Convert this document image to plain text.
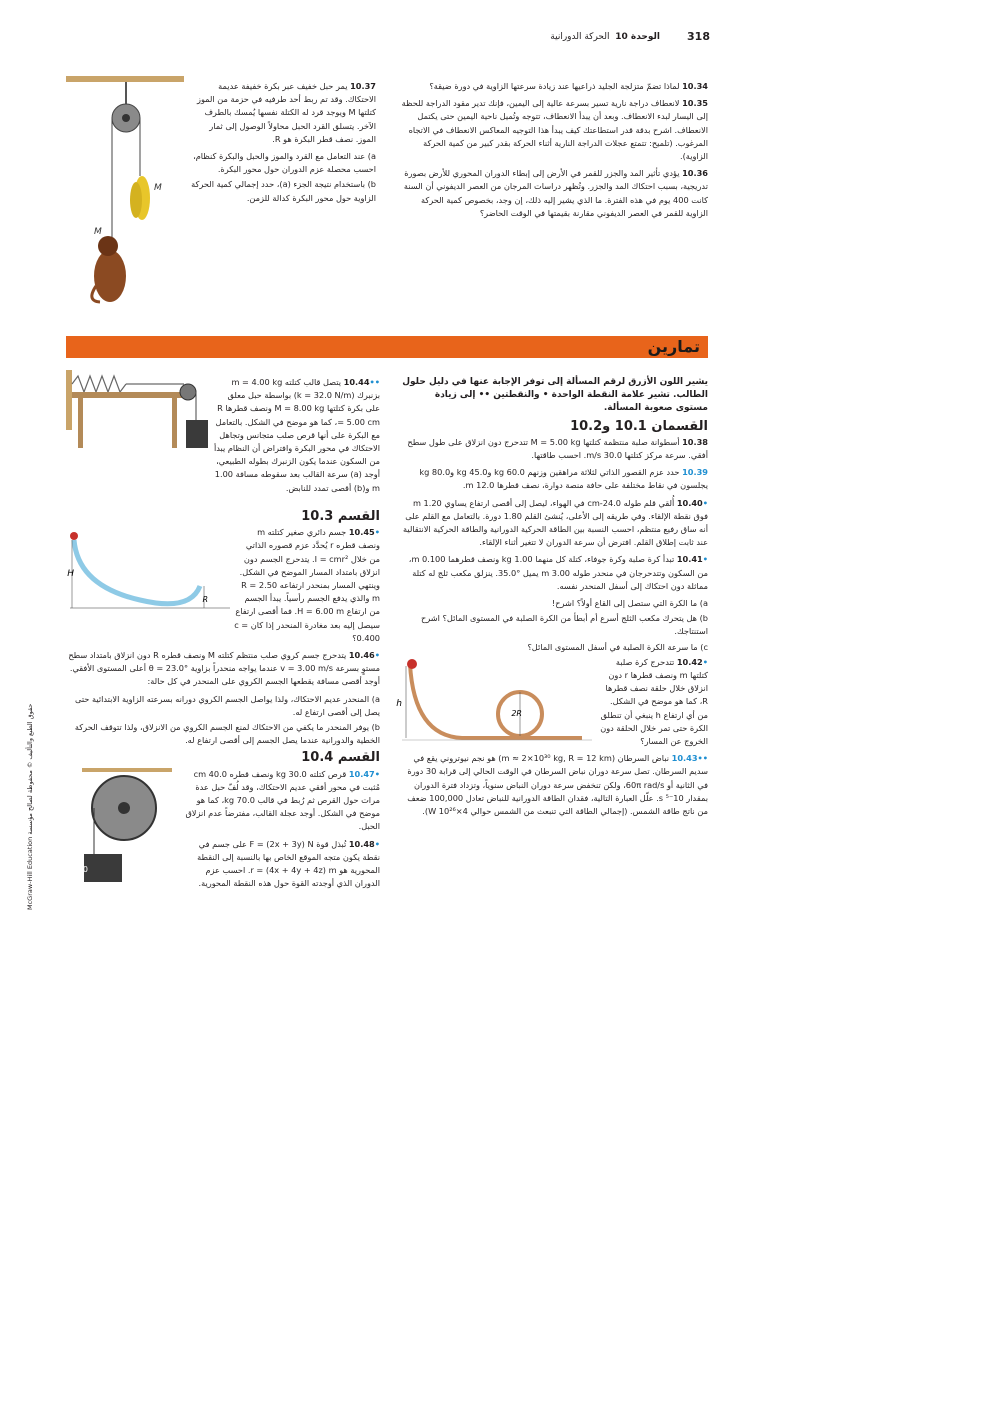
318
الوحدة 10  الحركة الدورانية

10.34 لماذا تضمّ متزلجة الجليد ذراعيها عند زيادة سرعتها الزاوية في دورة ضيقة؟

10.35 لانعطاف دراجة نارية تسير بسرعة عالية إلى اليمين، فإنك تدير مقود الدراجة للحظة إلى اليسار لبدء الانعطاف. وبعد أن يبدأ الانعطاف، تتوجه وتُميل ناحية اليمين حتى يكتمل الانعطاف. اشرح بدقة قدر استطاعتك كيف يبدأ هذا التوجيه المعاكس الانعطاف في الاتجاه المرغوب. (تلميح: تتمتع عجلات الدراجة النارية أثناء الحركة بقدر كبير من كمية الحركة الزاوية).

10.36 يؤدي تأثير المد والجزر للقمر في الأرض إلى إبطاء الدوران المحوري للأرض بصورة تدريجية، بسبب احتكاك المد والجزر. وتُظهر دراسات المرجان من العصر الديفوني أن السنة كانت 400 يوم في هذه الفترة. ما الذي يشير إليه ذلك، إن وجد، بخصوص كمية الحركة الزاوية للقمر في العصر الديفوني مقارنة بقيمتها في الوقت الحاضر؟

10.37 يمر حبل خفيف عبر بكرة خفيفة عديمة الاحتكاك. وقد تم ربط أحد طرفيه في حزمة من الموز كتلتها M ويوجد قرد له الكتلة نفسها يُمسك بالطرف الآخر. يتسلق القرد الحبل محاولاً الوصول إلى ثمار الموز. نصف قطر البكرة هو R.

a) عند التعامل مع القرد والموز والحبل والبكرة كنظام، احسب محصلة عزم الدوران حول محور البكرة.

b) باستخدام نتيجة الجزء (a)، حدد إجمالي كمية الحركة الزاوية حول محور البكرة كدالة للزمن.

M
M
تمارين

يشير اللون الأزرق لرقم المسألة إلى توفر الإجابة عنها في دليل حلول الطالب. تشير علامة النقطة الواحدة • والنقطتين •• إلى زيادة مستوى صعوبة المسألة.

القسمان 10.1 و10.2

10.38 أسطوانة صلبة منتظمة كتلتها M = 5.00 kg تتدحرج دون انزلاق على طول سطح أفقي. سرعة مركز كتلتها 30.0 m/s. احسب طاقتها.

10.39 حدد عزم القصور الذاتي لثلاثة مراهقين وزنهم 60.0 kg و45.0 kg و80.0 kg يجلسون في نقاط مختلفة على حافة منصة دوارة، نصف قطرها 12.0 m.

•10.40 أُلقي قلم طوله 24.0-cm في الهواء، ليصل إلى أقصى ارتفاع يساوي 1.20 m فوق نقطة الإلقاء. وفي طريقه إلى الأعلى، يُنشئ القلم 1.80 دورة. بالتعامل مع القلم على أنه ساق رفيع منتظم، احسب النسبة بين الطاقة الحركية الدورانية والطاقة الحركية الانتقالية عند ثابت إطلاق القلم. افترض أن سرعة الدوران لا تتغير أثناء الإلقاء.

•10.41 تبدأ كرة صلبة وكرة جوفاء، كتلة كل منهما 1.00 kg ونصف قطرهما 0.100 m، من السكون وتتدحرجان في منحدر طوله 3.00 m يميل °35.0. ينزلق مكعب ثلج له كتلة مماثلة دون احتكاك إلى أسفل المنحدر نفسه.

a) ما الكرة التي ستصل إلى القاع أولاً؟ اشرح!

b) هل يتحرك مكعب الثلج أسرع أم أبطأ من الكرة الصلبة في المستوى المائل؟ اشرح استنتاجك.

c) ما سرعة الكرة الصلبة في أسفل المستوى المائل؟

•10.42 تتدحرج كرة صلبة كتلتها m ونصف قطرها r دون انزلاق خلال حلقة نصف قطرها R، كما هو موضح في الشكل. من أي ارتفاع h ينبغي أن تنطلق الكرة حتى تمر خلال الحلقة دون الخروج عن المسار؟

h
2R

••10.43 نباض السرطان (m ≈ 2×10³⁰ kg, R = 12 km) هو نجم نيوتروني يقع في سديم السرطان. تصل سرعة دوران نباض السرطان في الوقت الحالي إلى قرابة 30 دورة في الثانية أو 60π rad/s، ولكن تنخفض سرعة دوران النباض سنوياً، وتزداد فترة الدوران بمقدار 10⁻⁵ s. علّل العبارة التالية، فقدان الطاقة الدورانية للنباض تعادل 100,000 ضعف من ناتج طاقة الشمس. (إجمالي الطاقة التي تنبعث من الشمس حوالي 4×10²⁶ W).

••10.44 يتصل قالب كتلته m = 4.00 kg بزنبرك (k = 32.0 N/m) بواسطة حبل معلق على بكرة كتلتها M = 8.00 kg ونصف قطرها R = 5.00 cm، كما هو موضح في الشكل. بالتعامل مع البكرة على أنها قرص صلب متجانس وتجاهل الاحتكاك في محور البكرة وافتراض أن النظام يبدأ من السكون عندما يكون الزنبرك بطوله الطبيعي، أوجد (a) سرعة القالب بعد سقوطه مسافة 1.00 m و(b) أقصى تمدد للنابض.

القسم 10.3

•10.45 جسم دائري صغير كتلته m ونصف قطره r يُحدَّد عزم قصوره الذاتي من خلال I = cmr². يتدحرج الجسم دون انزلاق بامتداد المسار الموضح في الشكل. وينتهي المسار بمنحدر ارتفاعه R = 2.50 m والذي يدفع الجسم رأسياً. يبدأ الجسم من ارتفاع H = 6.00 m. فما أقصى ارتفاع سيصل إليه بعد مغادرة المنحدر إذا كان c = 0.400؟

H
R

•10.46 يتدحرج جسم كروي صلب منتظم كتلته M ونصف قطره R دون انزلاق بامتداد سطح مستوٍ بسرعة v = 3.00 m/s عندما يواجه منحدراً بزاوية θ = 23.0° أعلى المستوى الأفقي. أوجد أقصى مسافة يقطعها الجسم الكروي على المنحدر في كل حالة:

a) المنحدر عديم الاحتكاك، ولذا يواصل الجسم الكروي دورانه بسرعته الزاوية الابتدائية حتى يصل إلى أقصى ارتفاع له.

b) يوفر المنحدر ما يكفي من الاحتكاك لمنع الجسم الكروي من الانزلاق، ولذا تتوقف الحركة الخطية والدورانية عندما يصل الجسم إلى أقصى ارتفاع له.

القسم 10.4

•10.47 قرص كتلته 30.0 kg ونصف قطره 40.0 cm مُثبت في محور أفقي عديم الاحتكاك، وقد لُفّ حبل عدة مرات حول القرص ثم رُبط في قالب 70.0 kg، كما هو موضح في الشكل. أوجد عجلة القالب، مفترضاً عدم انزلاق الحبل.

•10.48 تُبذل قوة F = (2x + 3y) N على جسم في نقطة يكون متجه الموقع الخاص بها بالنسبة إلى النقطة المحورية هو r = (4x + 4y + 4z) m. احسب عزم الدوران الذي أوجدته القوة حول هذه النقطة المحورية.

70.0 kg
McGraw-Hill Education حقوق الطبع والتأليف © محفوظة لصالح مؤسسة
